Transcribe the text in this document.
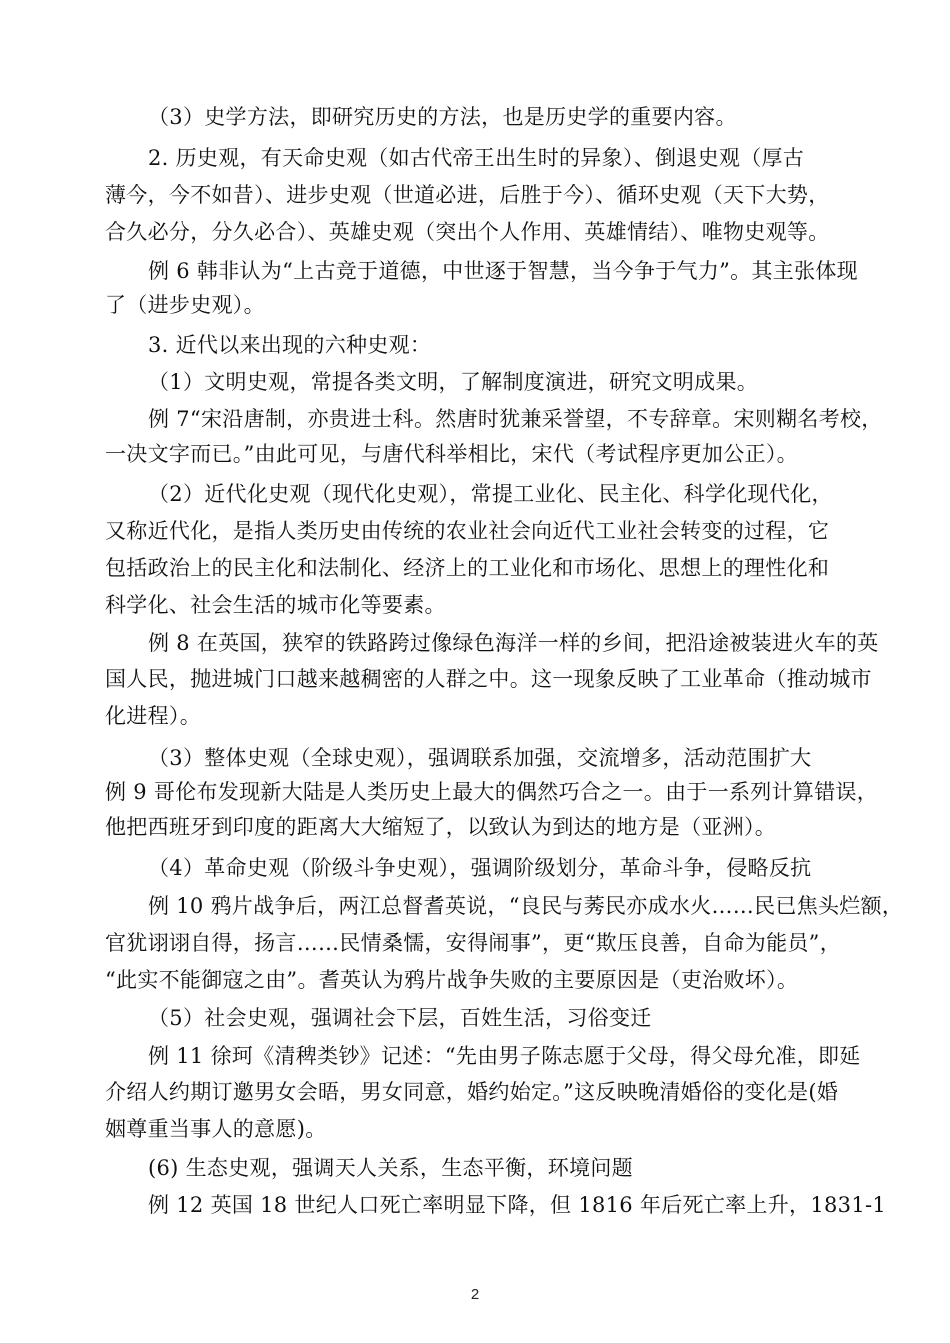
（3）史学方法，即研究历史的方法，也是历史学的重要内容。
2. 历史观，有天命史观（如古代帝王出生时的异象）、倒退史观（厚古
薄今，今不如昔）、进步史观（世道必进，后胜于今）、循环史观（天下大势，
合久必分，分久必合）、英雄史观（突出个人作用、英雄情结）、唯物史观等。
例 6 韩非认为“上古竞于道德，中世逐于智慧，当今争于气力”。其主张体现
了（进步史观）。
3. 近代以来出现的六种史观：
（1）文明史观，常提各类文明，了解制度演进，研究文明成果。
例 7“宋沿唐制，亦贵进士科。然唐时犹兼采誉望，不专辞章。宋则糊名考校，
一决文字而已。”由此可见，与唐代科举相比，宋代（考试程序更加公正）。
（2）近代化史观（现代化史观），常提工业化、民主化、科学化现代化，
又称近代化，是指人类历史由传统的农业社会向近代工业社会转变的过程，它
包括政治上的民主化和法制化、经济上的工业化和市场化、思想上的理性化和
科学化、社会生活的城市化等要素。
例 8 在英国，狭窄的铁路跨过像绿色海洋一样的乡间，把沿途被装进火车的英
国人民，抛进城门口越来越稠密的人群之中。这一现象反映了工业革命（推动城市
化进程）。
（3）整体史观（全球史观），强调联系加强，交流增多，活动范围扩大
例 9 哥伦布发现新大陆是人类历史上最大的偶然巧合之一。由于一系列计算错误，
他把西班牙到印度的距离大大缩短了，以致认为到达的地方是（亚洲）。
（4）革命史观（阶级斗争史观），强调阶级划分，革命斗争，侵略反抗
例 10 鸦片战争后，两江总督耆英说，“良民与莠民亦成水火……民已焦头烂额，
官犹诩诩自得，扬言……民情桑懦，安得闹事”，更“欺压良善，自命为能员”，
“此实不能御寇之由”。耆英认为鸦片战争失败的主要原因是（吏治败坏）。
（5）社会史观，强调社会下层，百姓生活，习俗变迁
例 11 徐珂《清稗类钞》记述：“先由男子陈志愿于父母，得父母允准，即延
介绍人约期订邀男女会晤，男女同意，婚约始定。”这反映晚清婚俗的变化是(婚
姻尊重当事人的意愿)。
(6) 生态史观，强调天人关系，生态平衡，环境问题
例 12 英国 18 世纪人口死亡率明显下降，但 1816 年后死亡率上升，1831-1
2
